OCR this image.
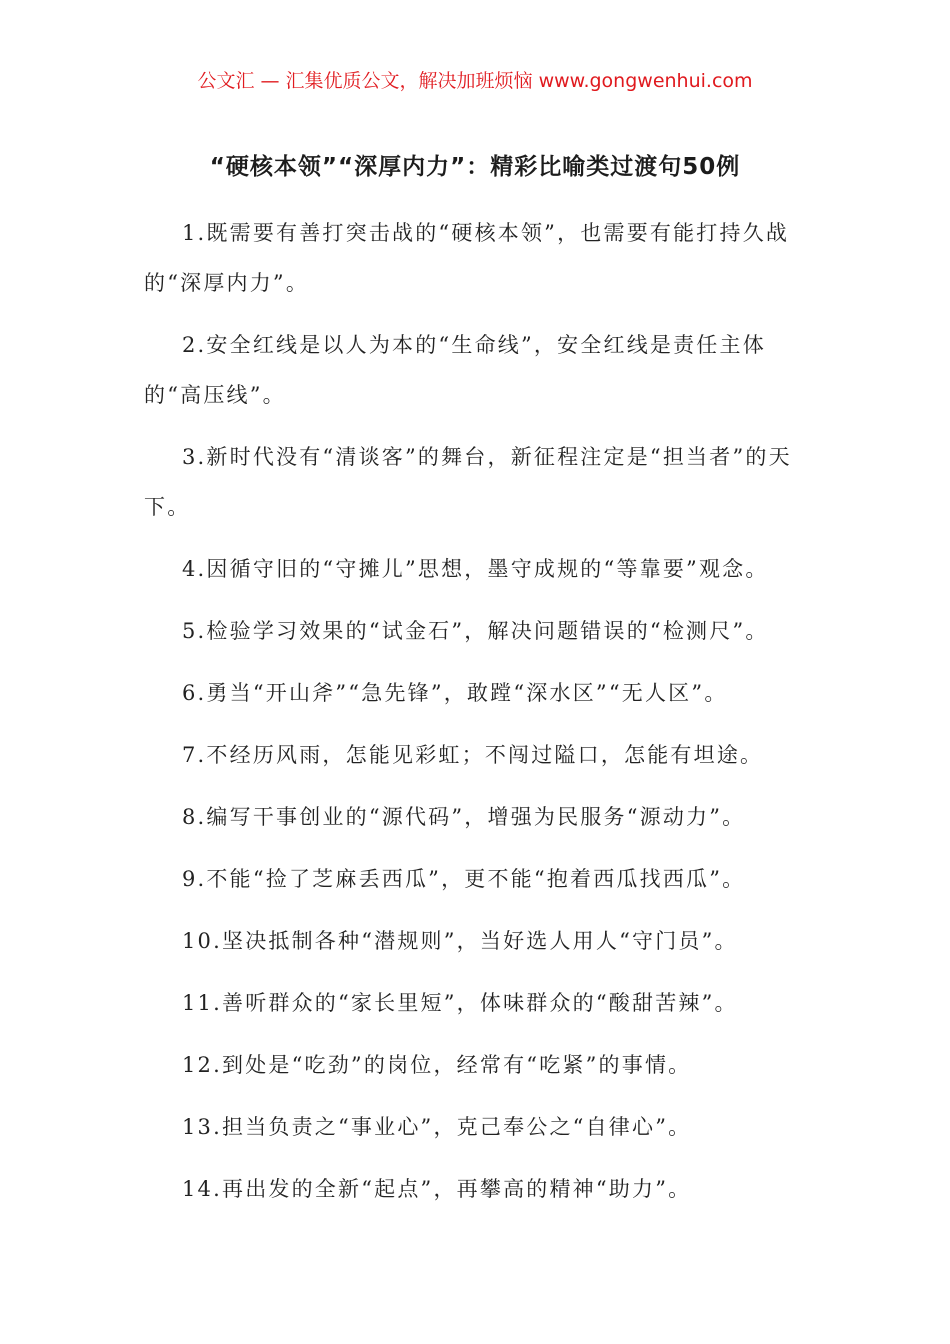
公文汇 — 汇集优质公文，解决加班烦恼 www.gongwenhui.com
“硬核本领”“深厚内力”：精彩比喻类过渡句50例

1.既需要有善打突击战的“硬核本领”，也需要有能打持久战的“深厚内力”。

2.安全红线是以人为本的“生命线”，安全红线是责任主体的“高压线”。

3.新时代没有“清谈客”的舞台，新征程注定是“担当者”的天下。

4.因循守旧的“守摊儿”思想，墨守成规的“等靠要”观念。

5.检验学习效果的“试金石”，解决问题错误的“检测尺”。

6.勇当“开山斧”“急先锋”，敢蹚“深水区”“无人区”。

7.不经历风雨，怎能见彩虹；不闯过隘口，怎能有坦途。

8.编写干事创业的“源代码”，增强为民服务“源动力”。

9.不能“捡了芝麻丢西瓜”，更不能“抱着西瓜找西瓜”。

10.坚决抵制各种“潜规则”，当好选人用人“守门员”。

11.善听群众的“家长里短”，体味群众的“酸甜苦辣”。

12.到处是“吃劲”的岗位，经常有“吃紧”的事情。

13.担当负责之“事业心”，克己奉公之“自律心”。

14.再出发的全新“起点”，再攀高的精神“助力”。
